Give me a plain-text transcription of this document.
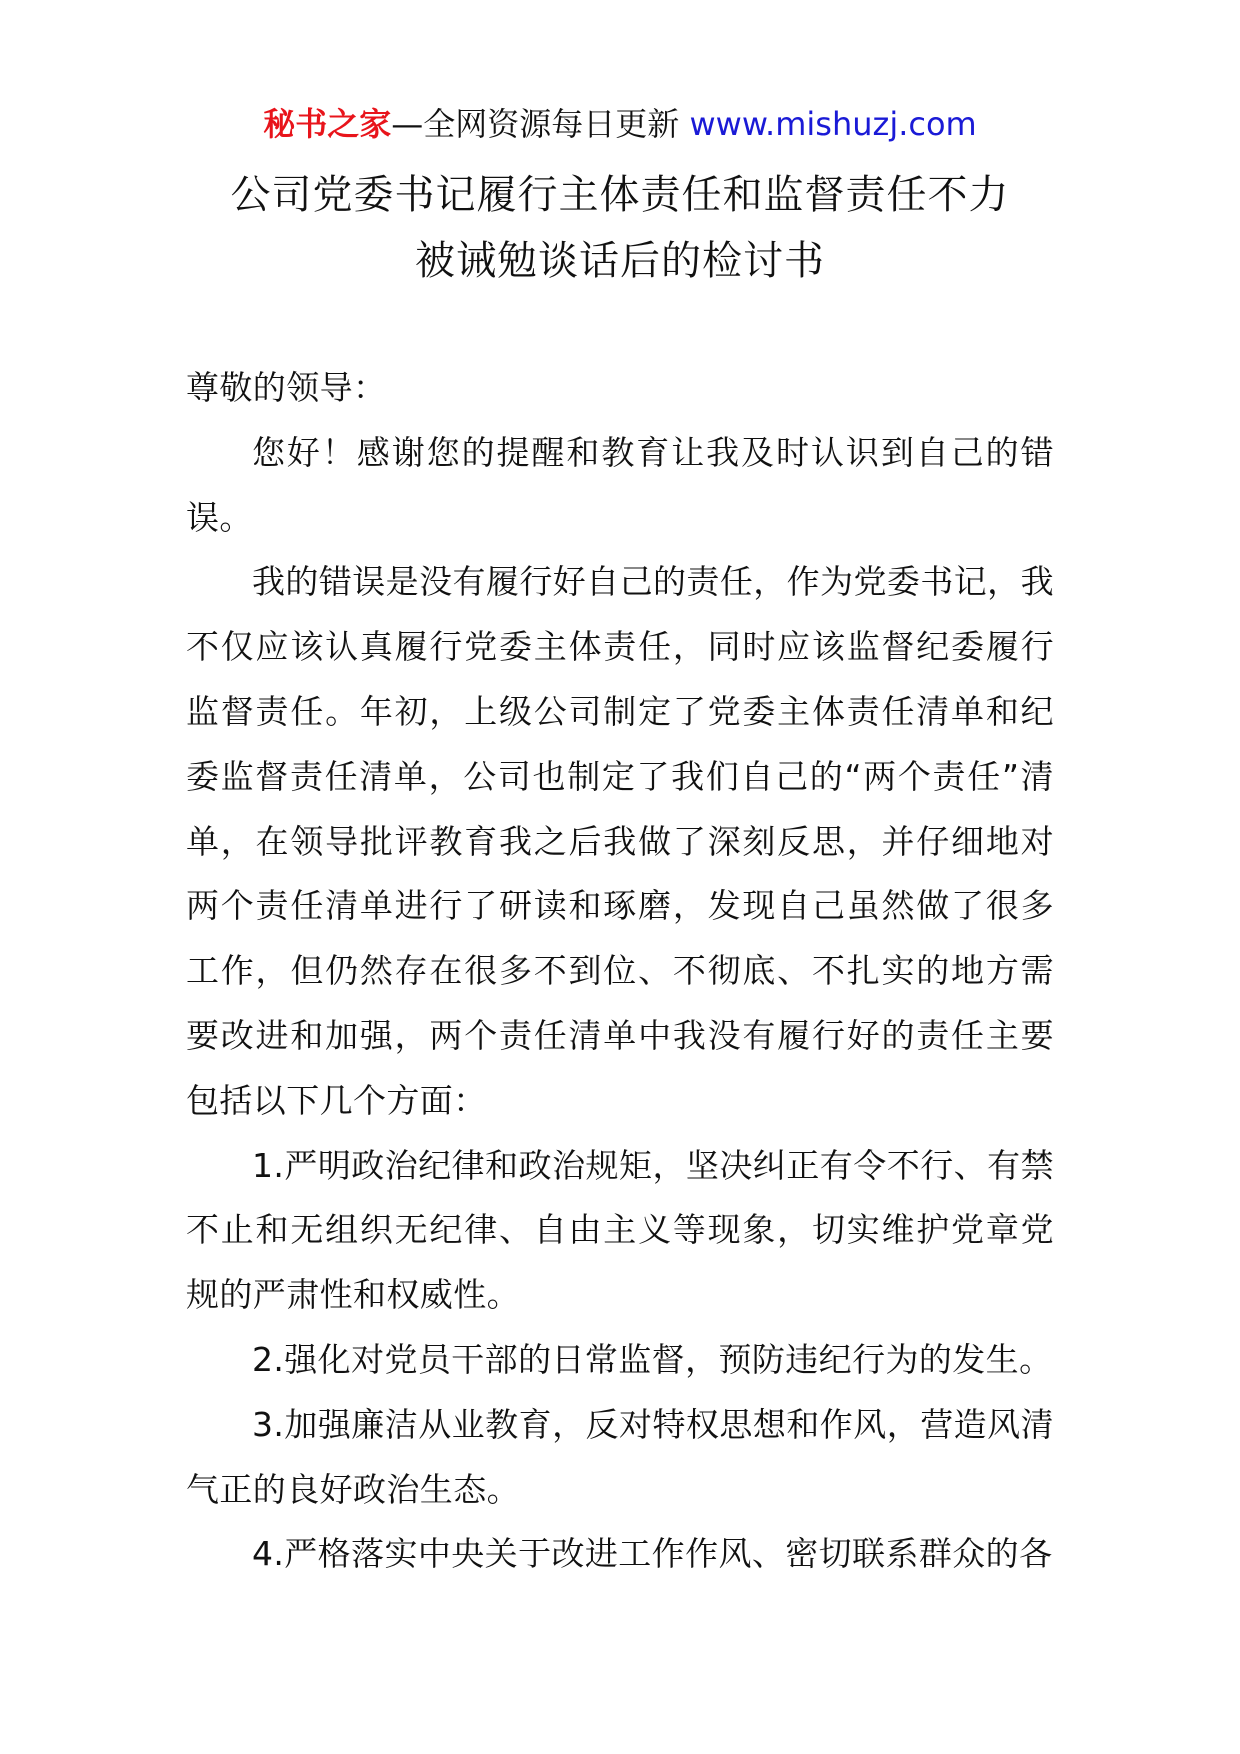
秘书之家—全网资源每日更新 www.mishuzj.com
公司党委书记履行主体责任和监督责任不力
被诫勉谈话后的检讨书

尊敬的领导：

您好！感谢您的提醒和教育让我及时认识到自己的错误。

我的错误是没有履行好自己的责任，作为党委书记，我不仅应该认真履行党委主体责任，同时应该监督纪委履行监督责任。年初，上级公司制定了党委主体责任清单和纪委监督责任清单，公司也制定了我们自己的“两个责任”清单，在领导批评教育我之后我做了深刻反思，并仔细地对两个责任清单进行了研读和琢磨，发现自己虽然做了很多工作，但仍然存在很多不到位、不彻底、不扎实的地方需要改进和加强，两个责任清单中我没有履行好的责任主要包括以下几个方面：

1.严明政治纪律和政治规矩，坚决纠正有令不行、有禁不止和无组织无纪律、自由主义等现象，切实维护党章党规的严肃性和权威性。

2.强化对党员干部的日常监督，预防违纪行为的发生。

3.加强廉洁从业教育，反对特权思想和作风，营造风清气正的良好政治生态。

4.严格落实中央关于改进工作作风、密切联系群众的各
